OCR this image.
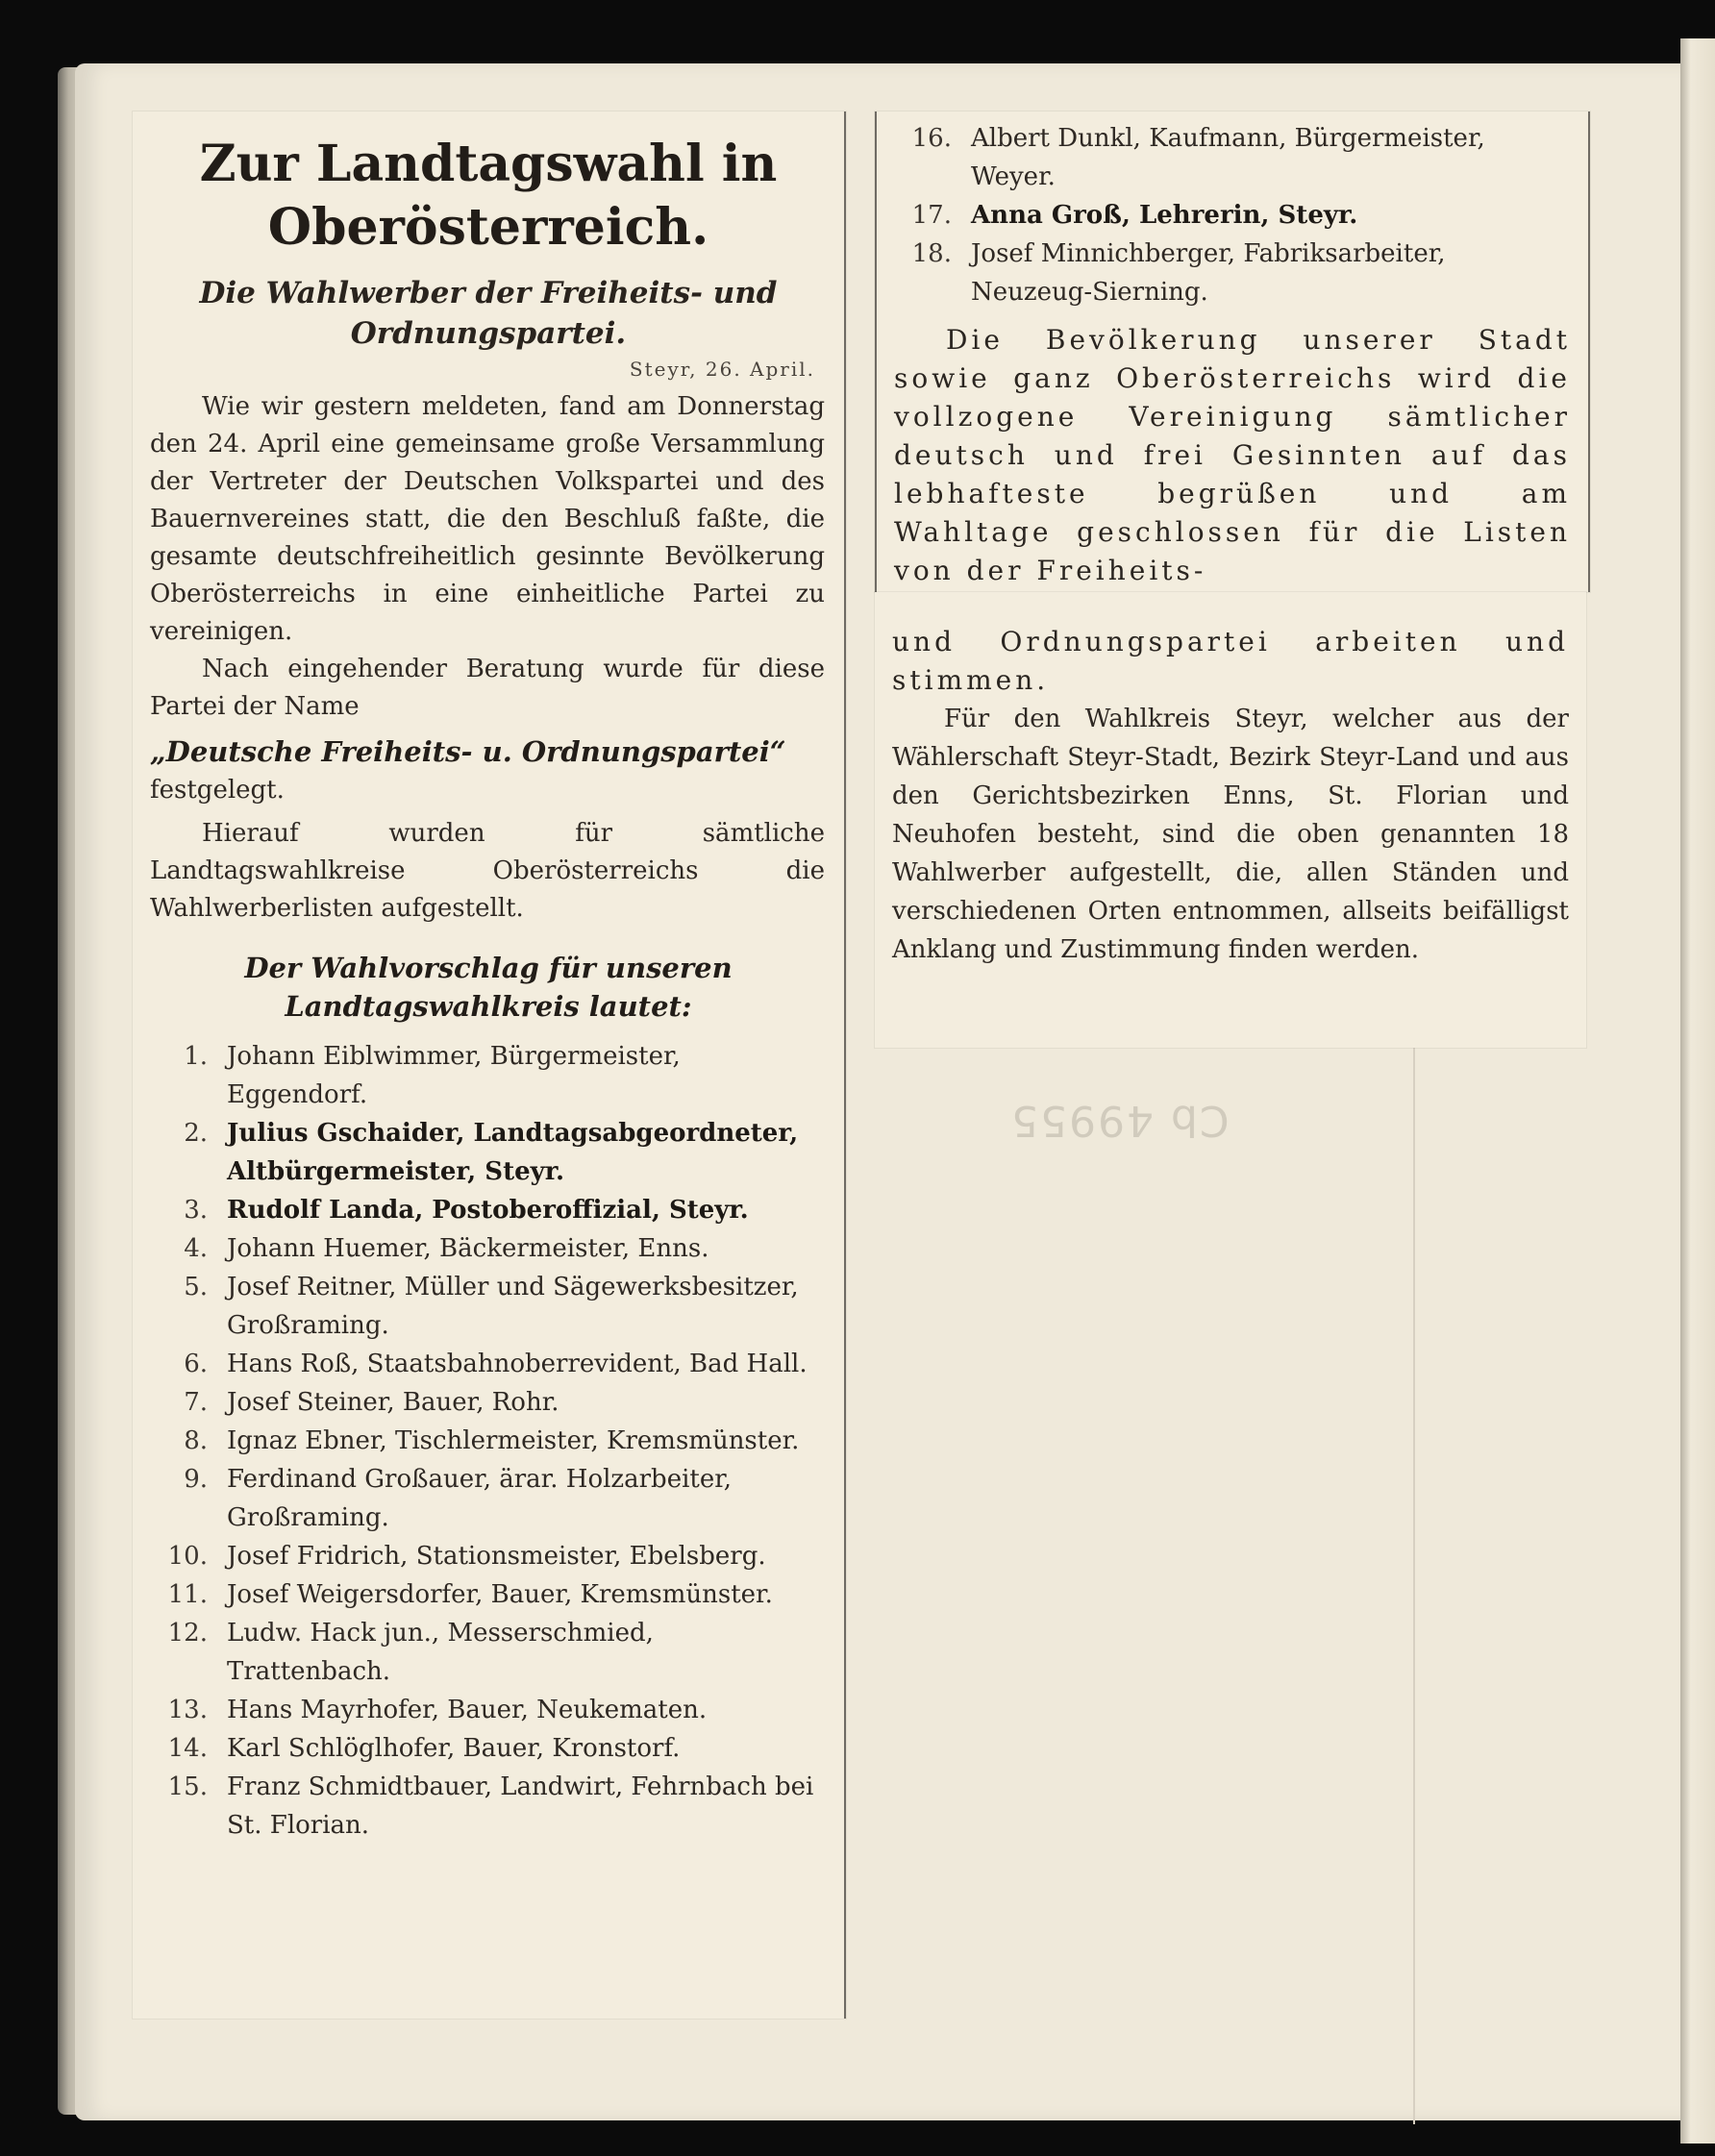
Cb 49955
Zur Landtagswahl in Oberösterreich.
Die Wahlwerber der Freiheits- und Ordnungspartei.
Steyr, 26. April.
Wie wir gestern meldeten, fand am Donnerstag den 24. April eine gemeinsame große Versammlung der Vertreter der Deutschen Volkspartei und des Bauernvereines statt, die den Beschluß faßte, die gesamte deutschfreiheitlich gesinnte Bevölkerung Oberösterreichs in eine einheitliche Partei zu vereinigen.
Nach eingehender Beratung wurde für diese Partei der Name
„Deutsche Freiheits- u. Ordnungspartei“
festgelegt.
Hierauf wurden für sämtliche Landtagswahlkreise Oberösterreichs die Wahlwerberlisten aufgestellt.
Der Wahlvorschlag für unseren Landtagswahlkreis lautet:
1. Johann Eiblwimmer, Bürgermeister, Eggendorf.
2. Julius Gschaider, Landtagsabgeordneter, Altbürgermeister, Steyr.
3. Rudolf Landa, Postoberoffizial, Steyr.
4. Johann Huemer, Bäckermeister, Enns.
5. Josef Reitner, Müller und Sägewerksbesitzer, Großraming.
6. Hans Roß, Staatsbahnoberrevident, Bad Hall.
7. Josef Steiner, Bauer, Rohr.
8. Ignaz Ebner, Tischlermeister, Kremsmünster.
9. Ferdinand Großauer, ärar. Holzarbeiter, Großraming.
10. Josef Fridrich, Stationsmeister, Ebelsberg.
11. Josef Weigersdorfer, Bauer, Kremsmünster.
12. Ludw. Hack jun., Messerschmied, Trattenbach.
13. Hans Mayrhofer, Bauer, Neukematen.
14. Karl Schlöglhofer, Bauer, Kronstorf.
15. Franz Schmidtbauer, Landwirt, Fehrnbach bei St. Florian.
16. Albert Dunkl, Kaufmann, Bürgermeister, Weyer.
17. Anna Groß, Lehrerin, Steyr.
18. Josef Minnichberger, Fabriksarbeiter, Neuzeug-Sierning.
Die Bevölkerung unserer Stadt sowie ganz Oberösterreichs wird die vollzogene Vereinigung sämtlicher deutsch und frei Gesinnten auf das lebhafteste begrüßen und am Wahltage geschlossen für die Listen von der Freiheits-
und Ordnungspartei arbeiten und stimmen.
Für den Wahlkreis Steyr, welcher aus der Wählerschaft Steyr-Stadt, Bezirk Steyr-Land und aus den Gerichtsbezirken Enns, St. Florian und Neuhofen besteht, sind die oben genannten 18 Wahlwerber aufgestellt, die, allen Ständen und verschiedenen Orten entnommen, allseits beifälligst Anklang und Zustimmung finden werden.
